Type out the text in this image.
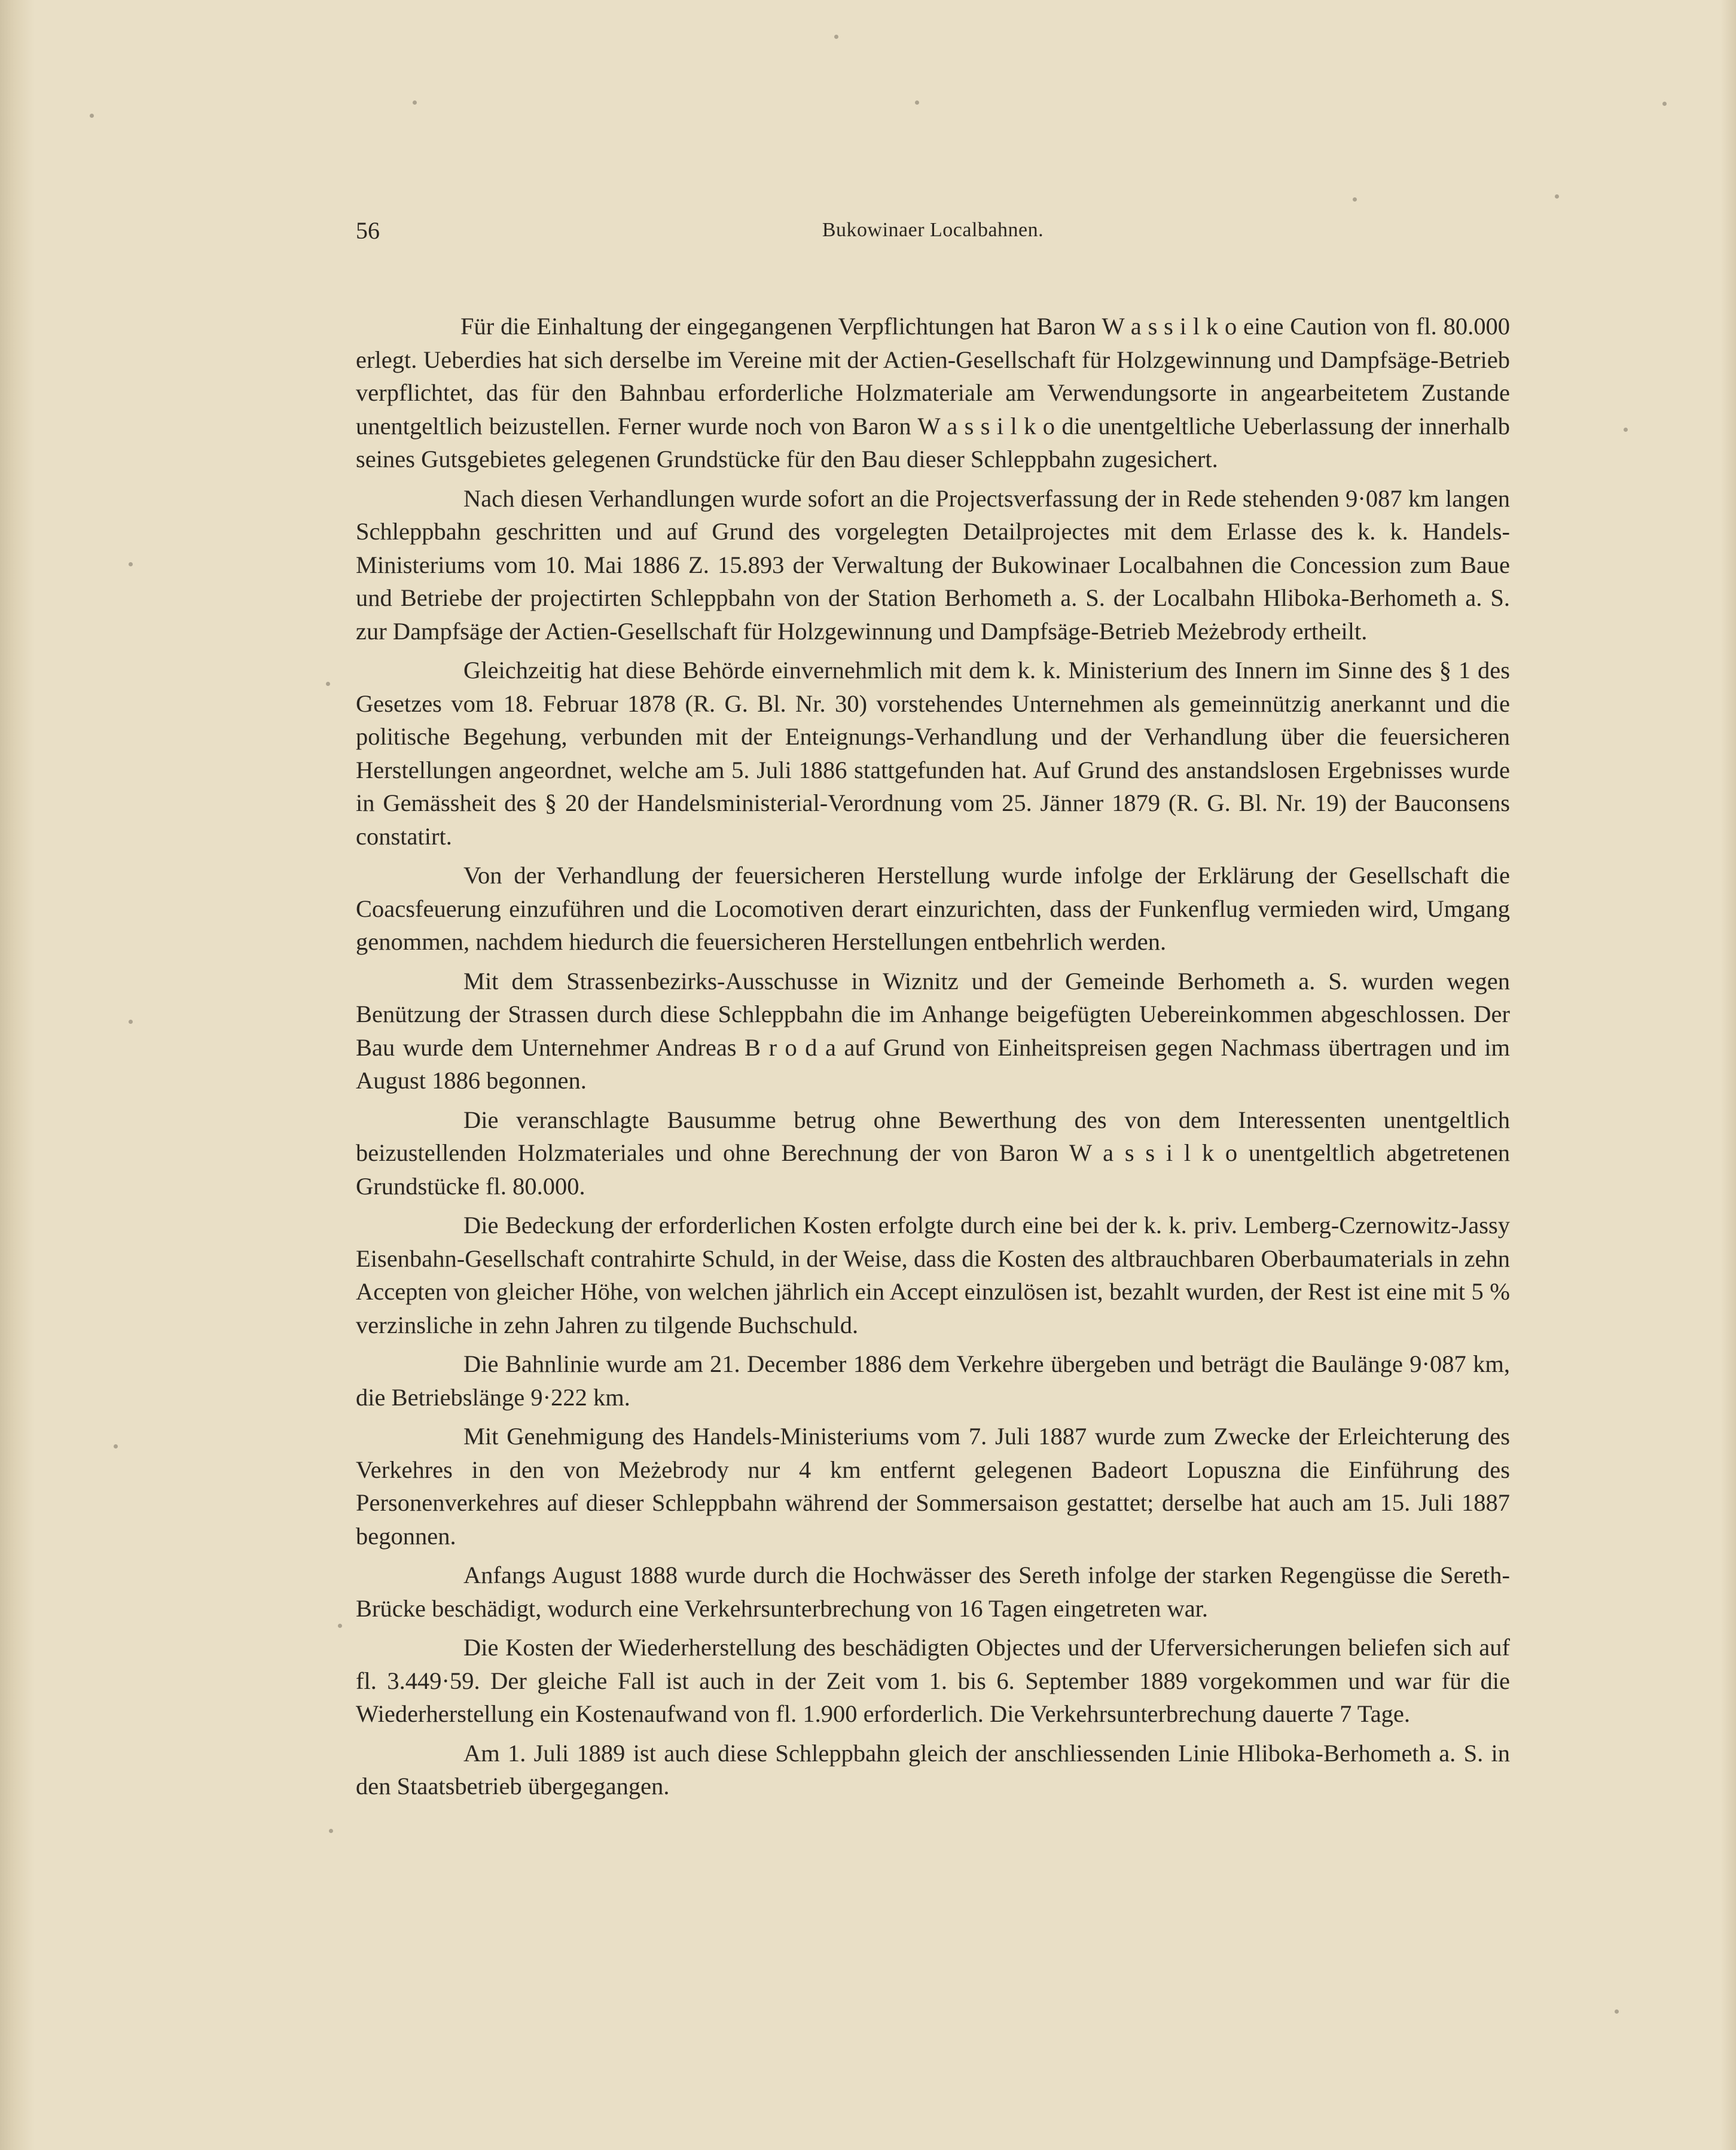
56	Bukowinaer Localbahnen.

Für die Einhaltung der eingegangenen Verpflichtungen hat Baron W a s s i l k o eine Caution von fl. 80.000 erlegt. Ueberdies hat sich derselbe im Vereine mit der Actien-Gesellschaft für Holzgewinnung und Dampfsäge-Betrieb verpflichtet, das für den Bahnbau erforderliche Holzmateriale am Verwendungsorte in angearbeitetem Zustande unentgeltlich beizustellen. Ferner wurde noch von Baron W a s s i l k o die unentgeltliche Ueberlassung der innerhalb seines Gutsgebietes gelegenen Grundstücke für den Bau dieser Schleppbahn zugesichert.

Nach diesen Verhandlungen wurde sofort an die Projectsverfassung der in Rede stehenden 9·087 km langen Schleppbahn geschritten und auf Grund des vorgelegten Detailprojectes mit dem Erlasse des k. k. Handels-Ministeriums vom 10. Mai 1886 Z. 15.893 der Verwaltung der Bukowinaer Localbahnen die Concession zum Baue und Betriebe der projectirten Schleppbahn von der Station Berhometh a. S. der Localbahn Hliboka-Berhometh a. S. zur Dampfsäge der Actien-Gesellschaft für Holzgewinnung und Dampfsäge-Betrieb Meżebrody ertheilt.

Gleichzeitig hat diese Behörde einvernehmlich mit dem k. k. Ministerium des Innern im Sinne des § 1 des Gesetzes vom 18. Februar 1878 (R. G. Bl. Nr. 30) vorstehendes Unternehmen als gemeinnützig anerkannt und die politische Begehung, verbunden mit der Enteignungs-Verhandlung und der Verhandlung über die feuersicheren Herstellungen angeordnet, welche am 5. Juli 1886 stattgefunden hat. Auf Grund des anstandslosen Ergebnisses wurde in Gemässheit des § 20 der Handelsministerial-Verordnung vom 25. Jänner 1879 (R. G. Bl. Nr. 19) der Bauconsens constatirt.

Von der Verhandlung der feuersicheren Herstellung wurde infolge der Erklärung der Gesellschaft die Coacsfeuerung einzuführen und die Locomotiven derart einzurichten, dass der Funkenflug vermieden wird, Umgang genommen, nachdem hiedurch die feuersicheren Herstellungen entbehrlich werden.

Mit dem Strassenbezirks-Ausschusse in Wiznitz und der Gemeinde Berhometh a. S. wurden wegen Benützung der Strassen durch diese Schleppbahn die im Anhange beigefügten Uebereinkommen abgeschlossen. Der Bau wurde dem Unternehmer Andreas B r o d a auf Grund von Einheitspreisen gegen Nachmass übertragen und im August 1886 begonnen.

Die veranschlagte Bausumme betrug ohne Bewerthung des von dem Interessenten unentgeltlich beizustellenden Holzmateriales und ohne Berechnung der von Baron W a s s i l k o unentgeltlich abgetretenen Grundstücke fl. 80.000.

Die Bedeckung der erforderlichen Kosten erfolgte durch eine bei der k. k. priv. Lemberg-Czernowitz-Jassy Eisenbahn-Gesellschaft contrahirte Schuld, in der Weise, dass die Kosten des altbrauchbaren Oberbaumaterials in zehn Accepten von gleicher Höhe, von welchen jährlich ein Accept einzulösen ist, bezahlt wurden, der Rest ist eine mit 5 % verzinsliche in zehn Jahren zu tilgende Buchschuld.

Die Bahnlinie wurde am 21. December 1886 dem Verkehre übergeben und beträgt die Baulänge 9·087 km, die Betriebslänge 9·222 km.

Mit Genehmigung des Handels-Ministeriums vom 7. Juli 1887 wurde zum Zwecke der Erleichterung des Verkehres in den von Meżebrody nur 4 km entfernt gelegenen Badeort Lopuszna die Einführung des Personenverkehres auf dieser Schleppbahn während der Sommersaison gestattet; derselbe hat auch am 15. Juli 1887 begonnen.

Anfangs August 1888 wurde durch die Hochwässer des Sereth infolge der starken Regengüsse die Sereth-Brücke beschädigt, wodurch eine Verkehrsunterbrechung von 16 Tagen eingetreten war.

Die Kosten der Wiederherstellung des beschädigten Objectes und der Uferversicherungen beliefen sich auf fl. 3.449·59. Der gleiche Fall ist auch in der Zeit vom 1. bis 6. September 1889 vorgekommen und war für die Wiederherstellung ein Kostenaufwand von fl. 1.900 erforderlich. Die Verkehrsunterbrechung dauerte 7 Tage.

Am 1. Juli 1889 ist auch diese Schleppbahn gleich der anschliessenden Linie Hliboka-Berhometh a. S. in den Staatsbetrieb übergegangen.
